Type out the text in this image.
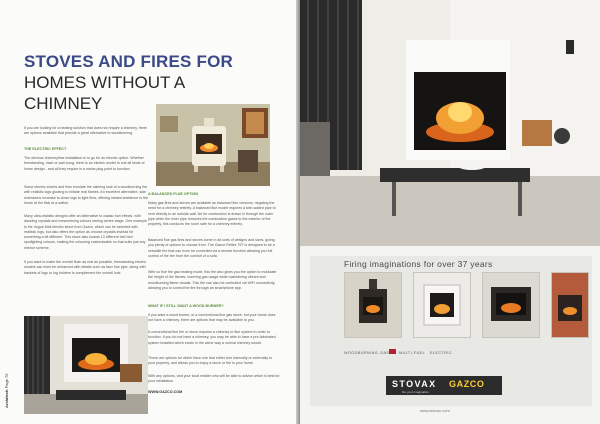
STOVES AND FIRES FOR
HOMES WITHOUT A
CHIMNEY

If you are looking for a heating solution that does not require a chimney, there are options available that provide a great alternative to woodburning.

THE ELECTRIC EFFECT

The obvious chimneyless installation is to go for an electric option. Whether freestanding, inset or wall-hung, there is an electric model to suit all kinds of home design - and all they require is a mains plug point to function.

Some electric stoves and fires emulate the calming look of a woodburning fire with realistic logs glowing to imitate real flames. An excellent alternative, side extensions increase to close logs to light fires, offering instant ambience in the home at the flick of a switch.

Many ultra-realistic designs offer an alternative to classic fuel effects, with dazzling crystals and mesmerising colours lasting centre stage. One example is the Vogue Midi electric stove from Gazco, which can be selected with realistic logs, but also offers the option as choose crystals instead for something a bit different. This stove also boasts 13 different fuel bed spotlighting colours, making the colouring customisable so that suits just any interior scheme.

If you want to make the overall flush as real as possible, freestanding electric models can even be enhanced with details such as faux flue pipe, along with baskets of logs or log holders to complement the overall look.

Architech Page 76

A BALANCED FLUE OPTION

Many gas fires and stoves are available as balanced flue versions, negating the need for a chimney entirely. A balanced flue model requires a twin-walled pipe to vent directly to an outside wall. Air for combustion is drawn in through the outer pipe while the inner pipe removes the combustion gases to the exterior of the property, this conducts the room safe for a chimney entirely.

Balanced flue gas fires and stoves come in all sorts of designs and sizes, giving you plenty of options to choose from. The Gazco Reflex 75T is designed to be a versatile fire that can even be controlled via a remote function allowing you full control of the fire from the comfort of a sofa.

With so flue fire gas heating mode, this fire also gives you the option to modulate the height of the flames, lowering gas usage while maintaining vibrant and woodburning flame visuals. This fire can also be controlled via WiFi connectivity, allowing you to control the fire through an smartphone app.

WHAT IF I STILL WANT A WOOD BURNER?

If you want a wood burner, or a conventional flue gas stove, but your home does not have a chimney, there are options that may be available to you.

A conventional flue fire or stove requires a chimney or flue system in order to function. If you do not have a chimney, you may be able to have a pre-fabricated system installed which exists in the same way a normal chimney would.

These are options for which have one that either turn internally or externally to your property, and allows you to enjoy a stove or fire in your home.

With any options, visit your local retailer who will be able to advise which is best for your installation.

WWW.GAZCO.COM

Firing imaginations for over 37 years
WOODBURNING GAS	MULTI-FUEL ELECTRIC
STOVAX GAZCO
fire your imagination
www.stovax.com
